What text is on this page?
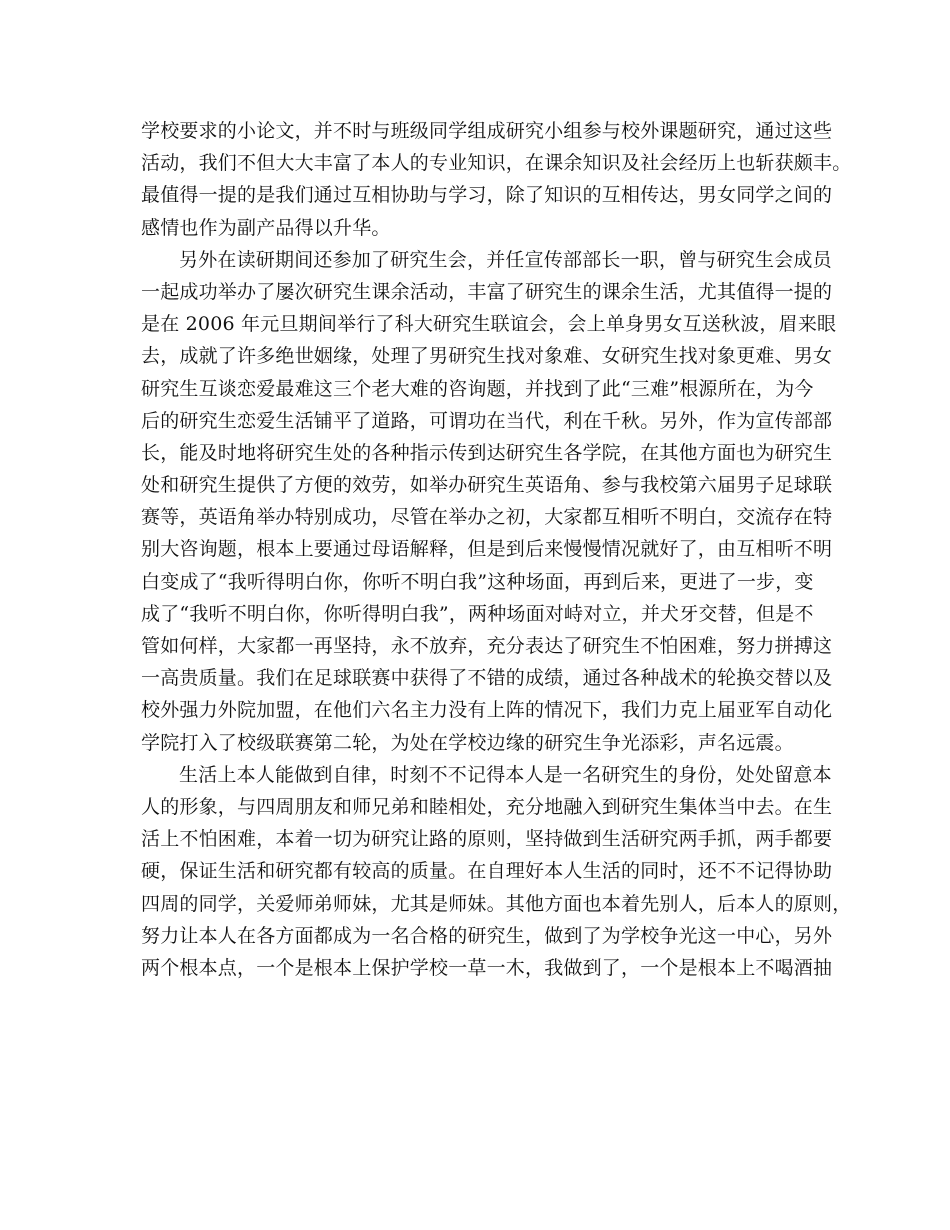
学校要求的小论文，并不时与班级同学组成研究小组参与校外课题研究，通过这些
活动，我们不但大大丰富了本人的专业知识，在课余知识及社会经历上也斩获颇丰。
最值得一提的是我们通过互相协助与学习，除了知识的互相传达，男女同学之间的
感情也作为副产品得以升华。
另外在读研期间还参加了研究生会，并任宣传部部长一职，曾与研究生会成员
一起成功举办了屡次研究生课余活动，丰富了研究生的课余生活，尤其值得一提的
是在 2006 年元旦期间举行了科大研究生联谊会，会上单身男女互送秋波，眉来眼
去，成就了许多绝世姻缘，处理了男研究生找对象难、女研究生找对象更难、男女
研究生互谈恋爱最难这三个老大难的咨询题，并找到了此“三难”根源所在，为今
后的研究生恋爱生活铺平了道路，可谓功在当代，利在千秋。另外，作为宣传部部
长，能及时地将研究生处的各种指示传到达研究生各学院，在其他方面也为研究生
处和研究生提供了方便的效劳，如举办研究生英语角、参与我校第六届男子足球联
赛等，英语角举办特别成功，尽管在举办之初，大家都互相听不明白，交流存在特
别大咨询题，根本上要通过母语解释，但是到后来慢慢情况就好了，由互相听不明
白变成了“我听得明白你，你听不明白我”这种场面，再到后来，更进了一步，变
成了“我听不明白你，你听得明白我”，两种场面对峙对立，并犬牙交替，但是不
管如何样，大家都一再坚持，永不放弃，充分表达了研究生不怕困难，努力拼搏这
一高贵质量。我们在足球联赛中获得了不错的成绩，通过各种战术的轮换交替以及
校外强力外院加盟，在他们六名主力没有上阵的情况下，我们力克上届亚军自动化
学院打入了校级联赛第二轮，为处在学校边缘的研究生争光添彩，声名远震。
生活上本人能做到自律，时刻不不记得本人是一名研究生的身份，处处留意本
人的形象，与四周朋友和师兄弟和睦相处，充分地融入到研究生集体当中去。在生
活上不怕困难，本着一切为研究让路的原则，坚持做到生活研究两手抓，两手都要
硬，保证生活和研究都有较高的质量。在自理好本人生活的同时，还不不记得协助
四周的同学，关爱师弟师妹，尤其是师妹。其他方面也本着先别人，后本人的原则，
努力让本人在各方面都成为一名合格的研究生，做到了为学校争光这一中心，另外
两个根本点，一个是根本上保护学校一草一木，我做到了，一个是根本上不喝酒抽
